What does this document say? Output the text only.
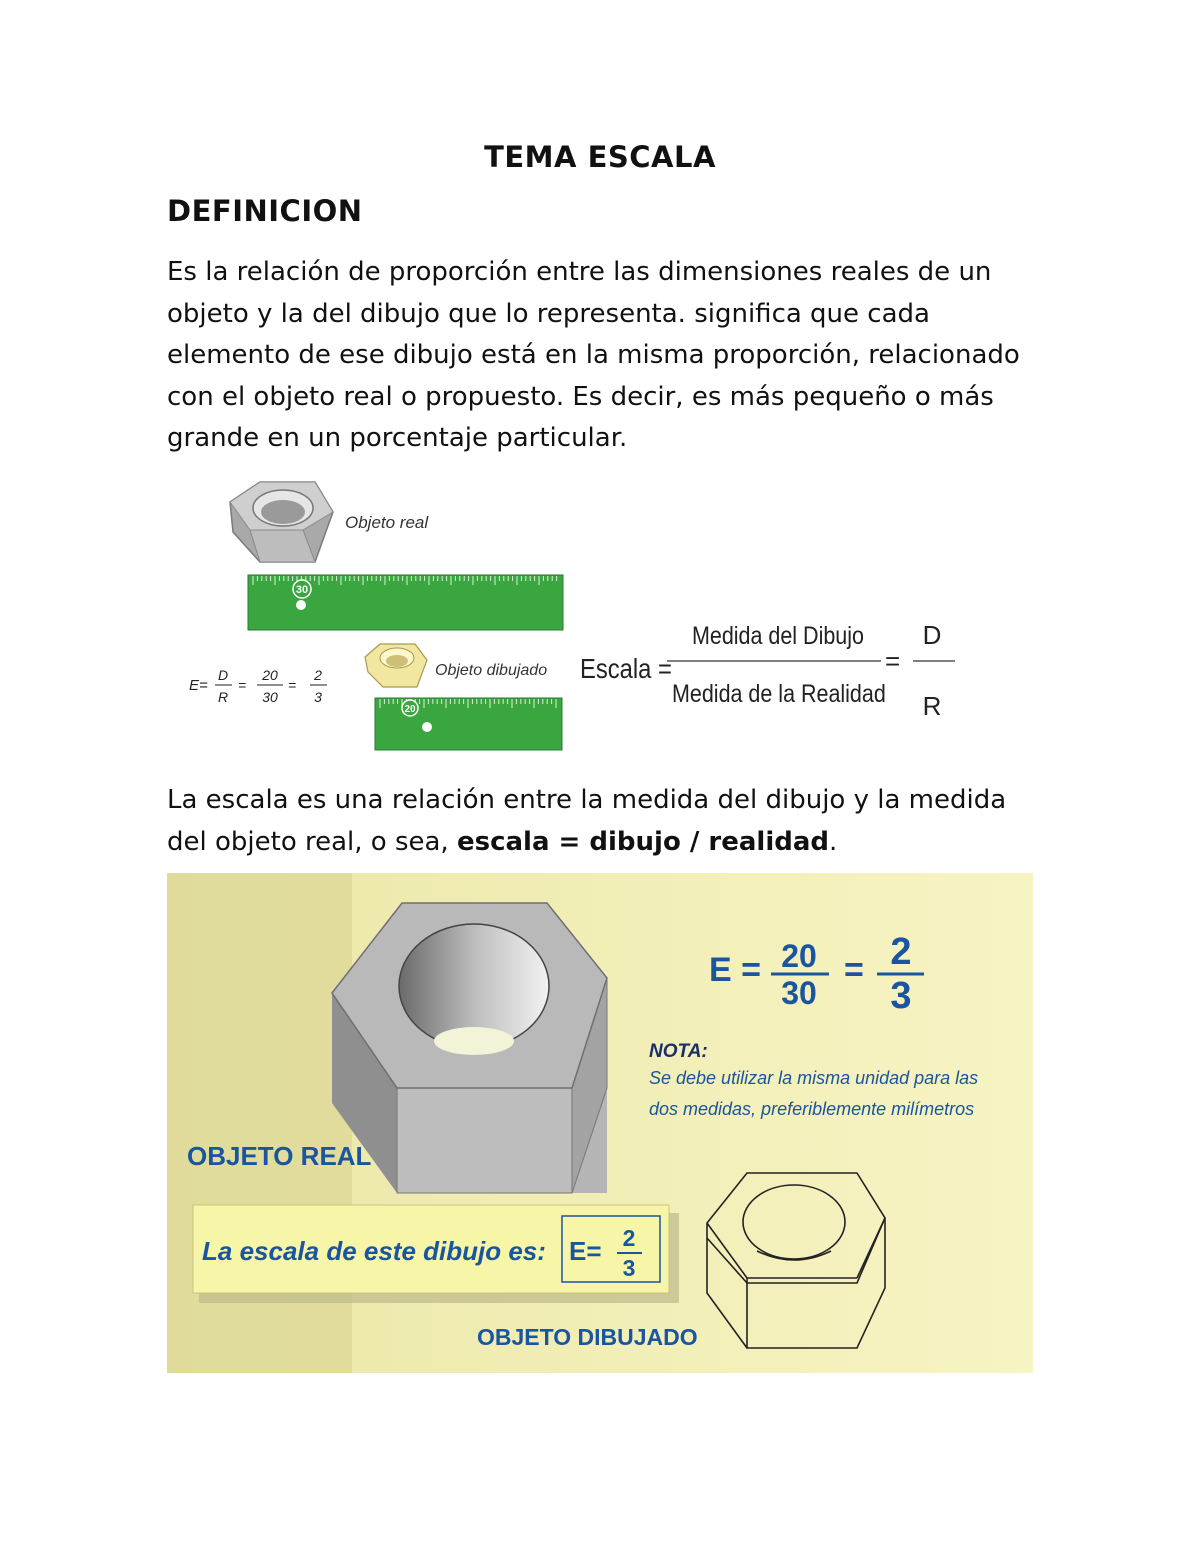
TEMA ESCALA
DEFINICION

Es la relación de proporción entre las dimensiones reales de un objeto y la del dibujo que lo representa. significa que cada elemento de ese dibujo está en la misma proporción, relacionado con el objeto real o propuesto. Es decir, es más pequeño o más grande en un porcentaje particular.

Objeto real
30
E=
D
R
=
20
30
=
2
3
Objeto dibujado
20
Escala =
Medida del Dibujo
Medida de la Realidad
=
D
R

La escala es una relación entre la medida del dibujo y la medida del objeto real, o sea, escala = dibujo / realidad.

E = 20
30
= 2
3
NOTA:
Se debe utilizar la misma unidad para las
dos medidas, preferiblemente milímetros
OBJETO REAL
La escala de este dibujo es: E= 2
3
OBJETO DIBUJADO
